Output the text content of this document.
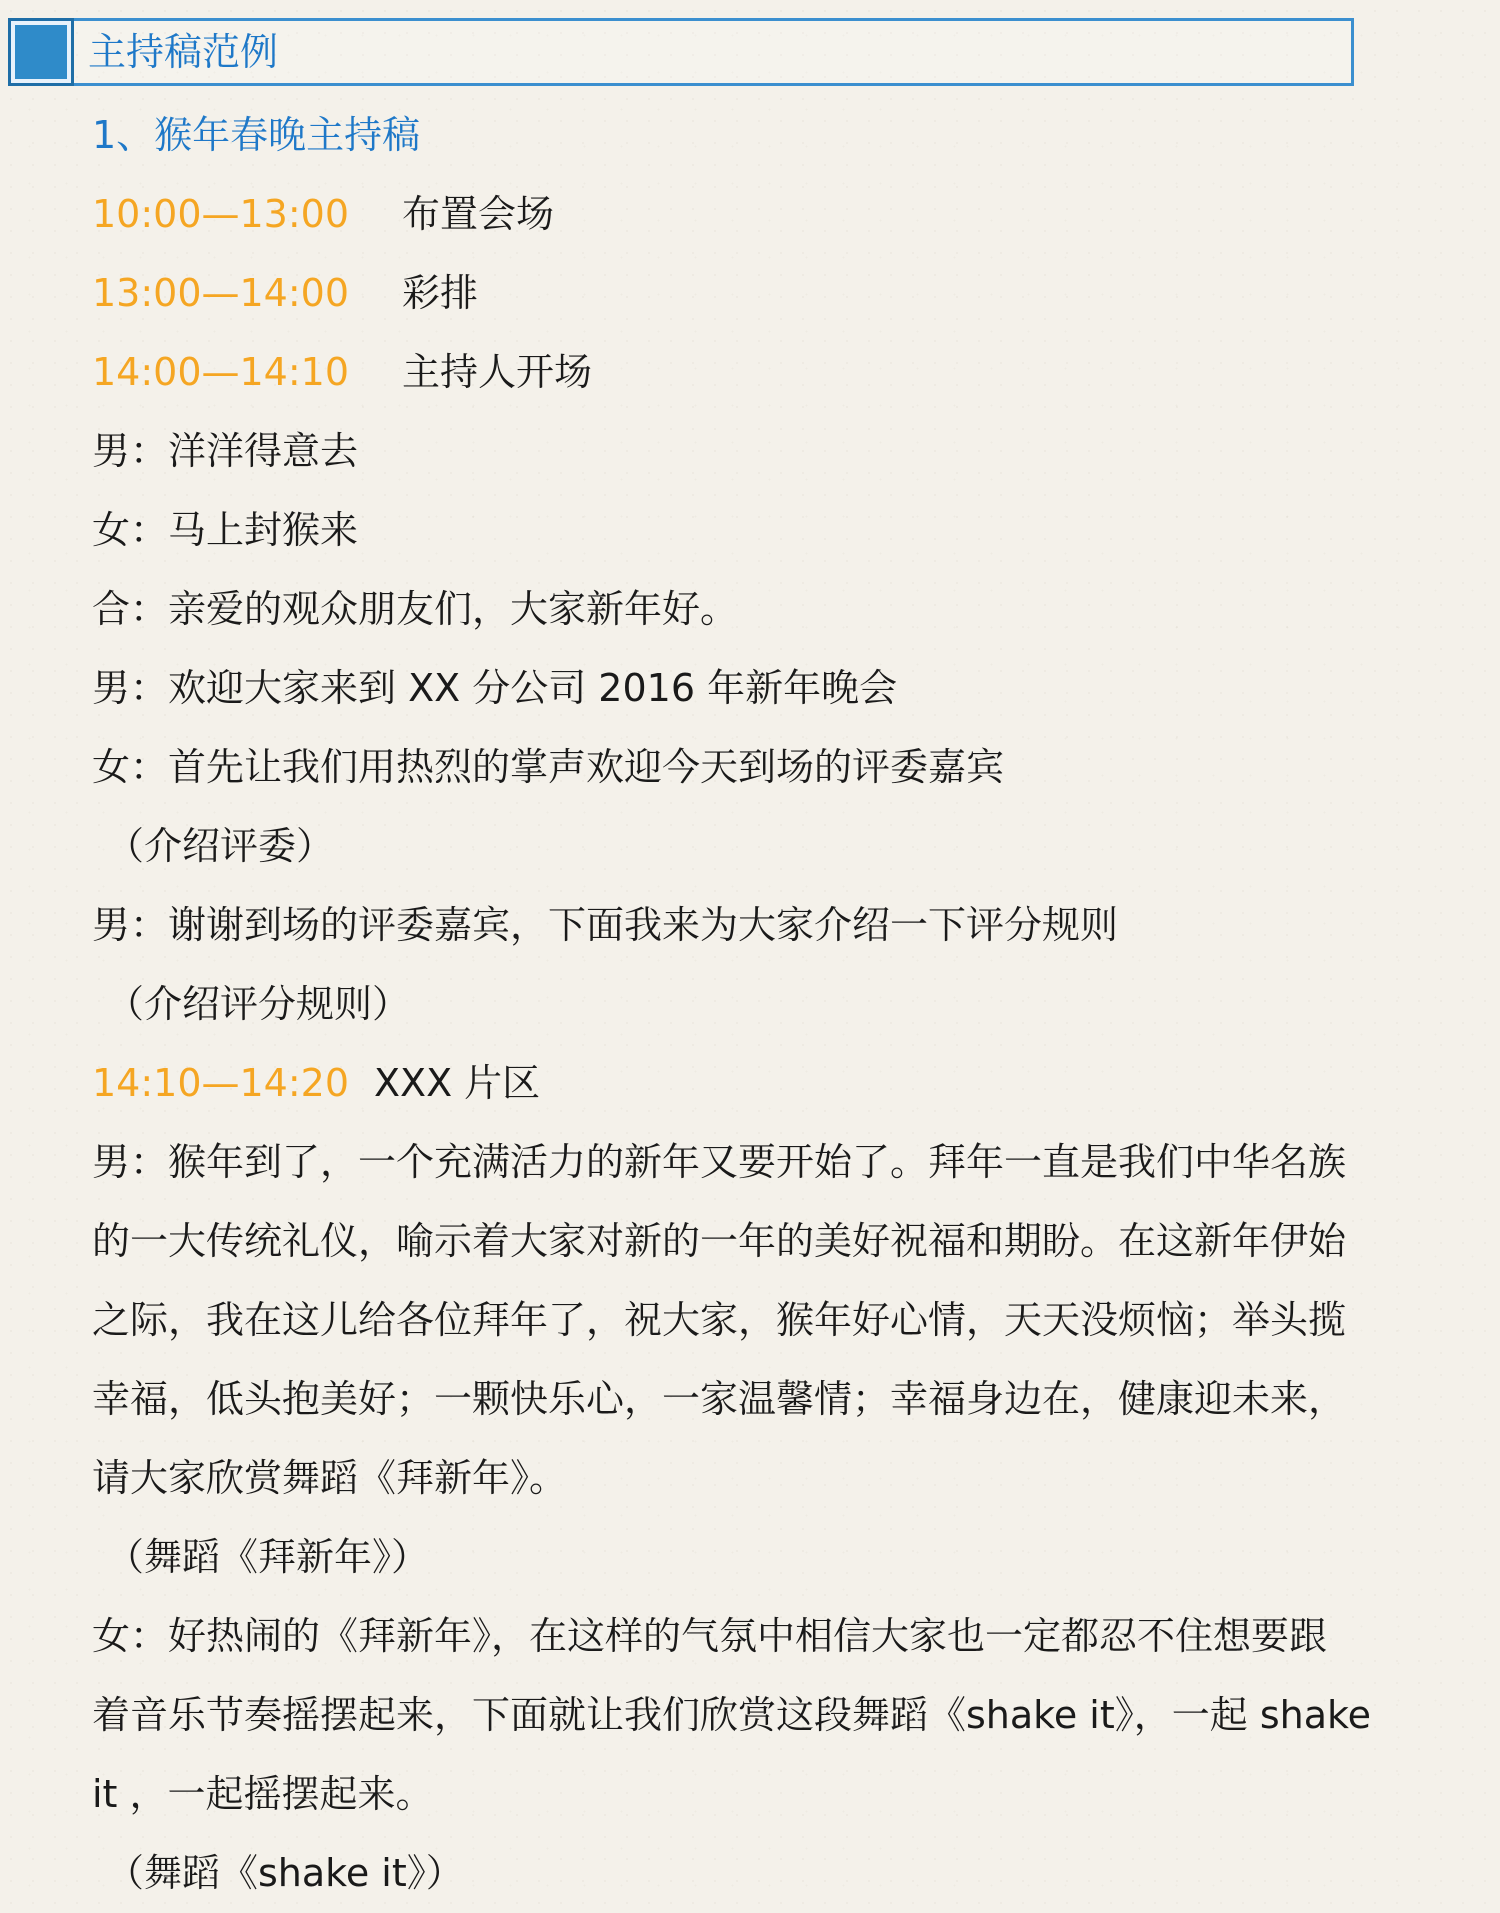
主持稿范例
1、猴年春晚主持稿
10:00—13:00 布置会场
13:00—14:00 彩排
14:00—14:10 主持人开场
男：洋洋得意去
女：马上封猴来
合：亲爱的观众朋友们，大家新年好。
男：欢迎大家来到 XX 分公司 2016 年新年晚会
女：首先让我们用热烈的掌声欢迎今天到场的评委嘉宾
（介绍评委）
男：谢谢到场的评委嘉宾，下面我来为大家介绍一下评分规则
（介绍评分规则）
14:10—14:20 XXX 片区
男：猴年到了，一个充满活力的新年又要开始了。拜年一直是我们中华名族
的一大传统礼仪，喻示着大家对新的一年的美好祝福和期盼。在这新年伊始
之际，我在这儿给各位拜年了，祝大家，猴年好心情，天天没烦恼；举头揽
幸福，低头抱美好；一颗快乐心，一家温馨情；幸福身边在，健康迎未来，
请大家欣赏舞蹈《拜新年》。
（舞蹈《拜新年》）
女：好热闹的《拜新年》，在这样的气氛中相信大家也一定都忍不住想要跟
着音乐节奏摇摆起来，下面就让我们欣赏这段舞蹈《shake it》，一起 shake
it ，一起摇摆起来。
（舞蹈《shake it》）
